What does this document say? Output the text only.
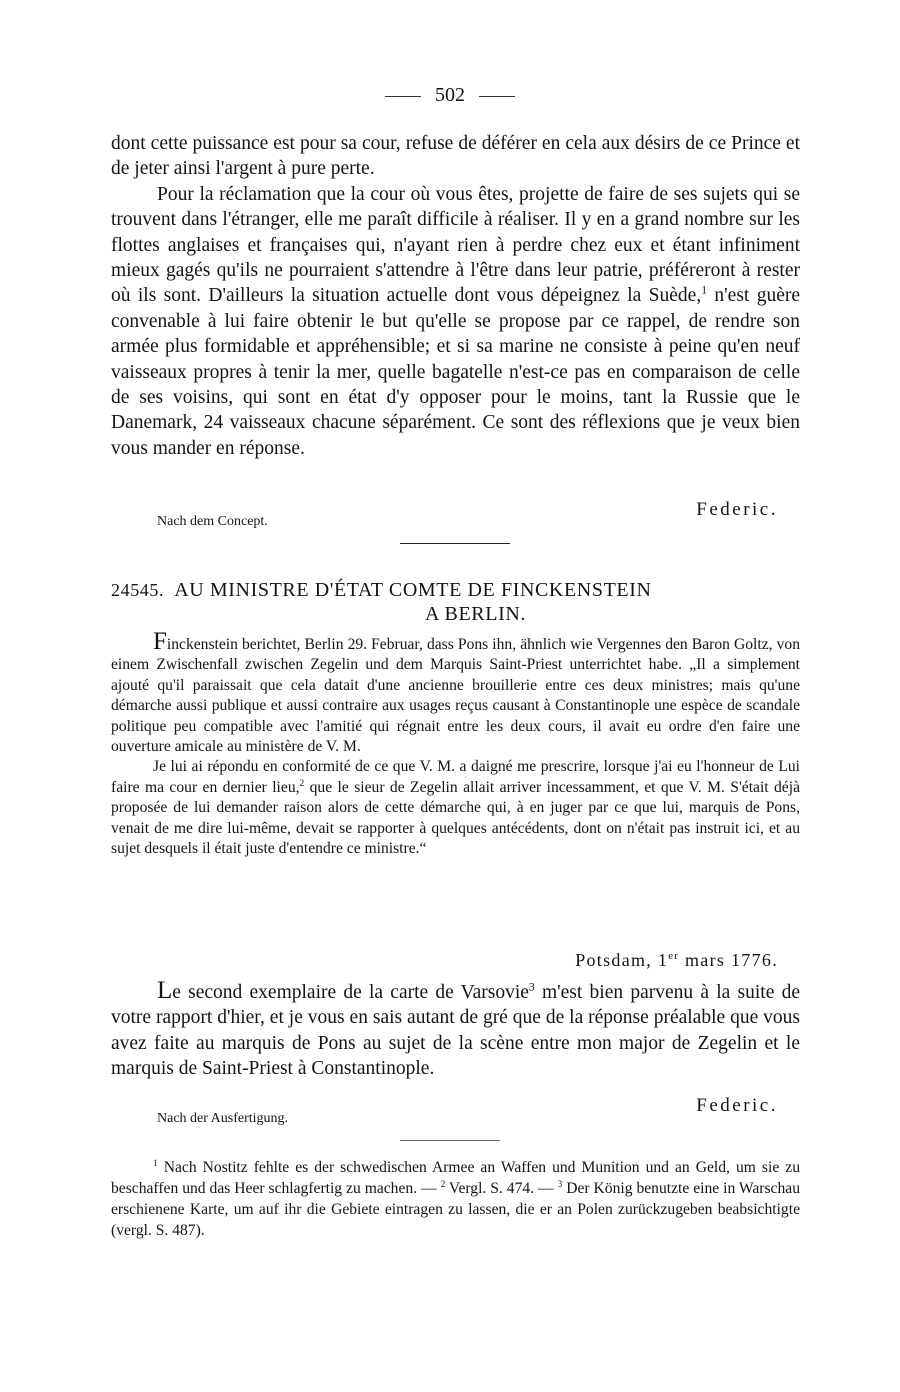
502

dont cette puissance est pour sa cour, refuse de déférer en cela aux désirs de ce Prince et de jeter ainsi l'argent à pure perte.

Pour la réclamation que la cour où vous êtes, projette de faire de ses sujets qui se trouvent dans l'étranger, elle me paraît difficile à réaliser. Il y en a grand nombre sur les flottes anglaises et françaises qui, n'ayant rien à perdre chez eux et étant infiniment mieux gagés qu'ils ne pourraient s'attendre à l'être dans leur patrie, préféreront à rester où ils sont. D'ailleurs la situation actuelle dont vous dépeignez la Suède,$^1$ n'est guère convenable à lui faire obtenir le but qu'elle se propose par ce rappel, de rendre son armée plus formidable et appréhensible; et si sa marine ne consiste à peine qu'en neuf vaisseaux propres à tenir la mer, quelle bagatelle n'est-ce pas en comparaison de celle de ses voisins, qui sont en état d'y opposer pour le moins, tant la Russie que le Danemark, 24 vaisseaux chacune séparément. Ce sont des réflexions que je veux bien vous mander en réponse.

Federic.
Nach dem Concept.
24545. AU MINISTRE D'ÉTAT COMTE DE FINCKENSTEIN
A BERLIN.

Finckenstein berichtet, Berlin 29. Februar, dass Pons ihn, ähnlich wie Vergennes den Baron Goltz, von einem Zwischenfall zwischen Zegelin und dem Marquis Saint-Priest unterrichtet habe. „Il a simplement ajouté qu'il paraissait que cela datait d'une ancienne brouillerie entre ces deux ministres; mais qu'une démarche aussi publique et aussi contraire aux usages reçus causant à Constantinople une espèce de scandale politique peu compatible avec l'amitié qui régnait entre les deux cours, il avait eu ordre d'en faire une ouverture amicale au ministère de V. M.

Je lui ai répondu en conformité de ce que V. M. a daigné me prescrire, lorsque j'ai eu l'honneur de Lui faire ma cour en dernier lieu,$^2$ que le sieur de Zegelin allait arriver incessamment, et que V. M. S'était déjà proposée de lui demander raison alors de cette démarche qui, à en juger par ce que lui, marquis de Pons, venait de me dire lui-même, devait se rapporter à quelques antécédents, dont on n'était pas instruit ici, et au sujet desquels il était juste d'entendre ce ministre.“

Potsdam, 1er mars 1776.

Le second exemplaire de la carte de Varsovie$^3$ m'est bien parvenu à la suite de votre rapport d'hier, et je vous en sais autant de gré que de la réponse préalable que vous avez faite au marquis de Pons au sujet de la scène entre mon major de Zegelin et le marquis de Saint-Priest à Constantinople.

Federic.
Nach der Ausfertigung.
$^1$ Nach Nostitz fehlte es der schwedischen Armee an Waffen und Munition und an Geld, um sie zu beschaffen und das Heer schlagfertig zu machen. — $^2$ Vergl. S. 474. — $^3$ Der König benutzte eine in Warschau erschienene Karte, um auf ihr die Gebiete eintragen zu lassen, die er an Polen zurückzugeben beabsichtigte (vergl. S. 487).
